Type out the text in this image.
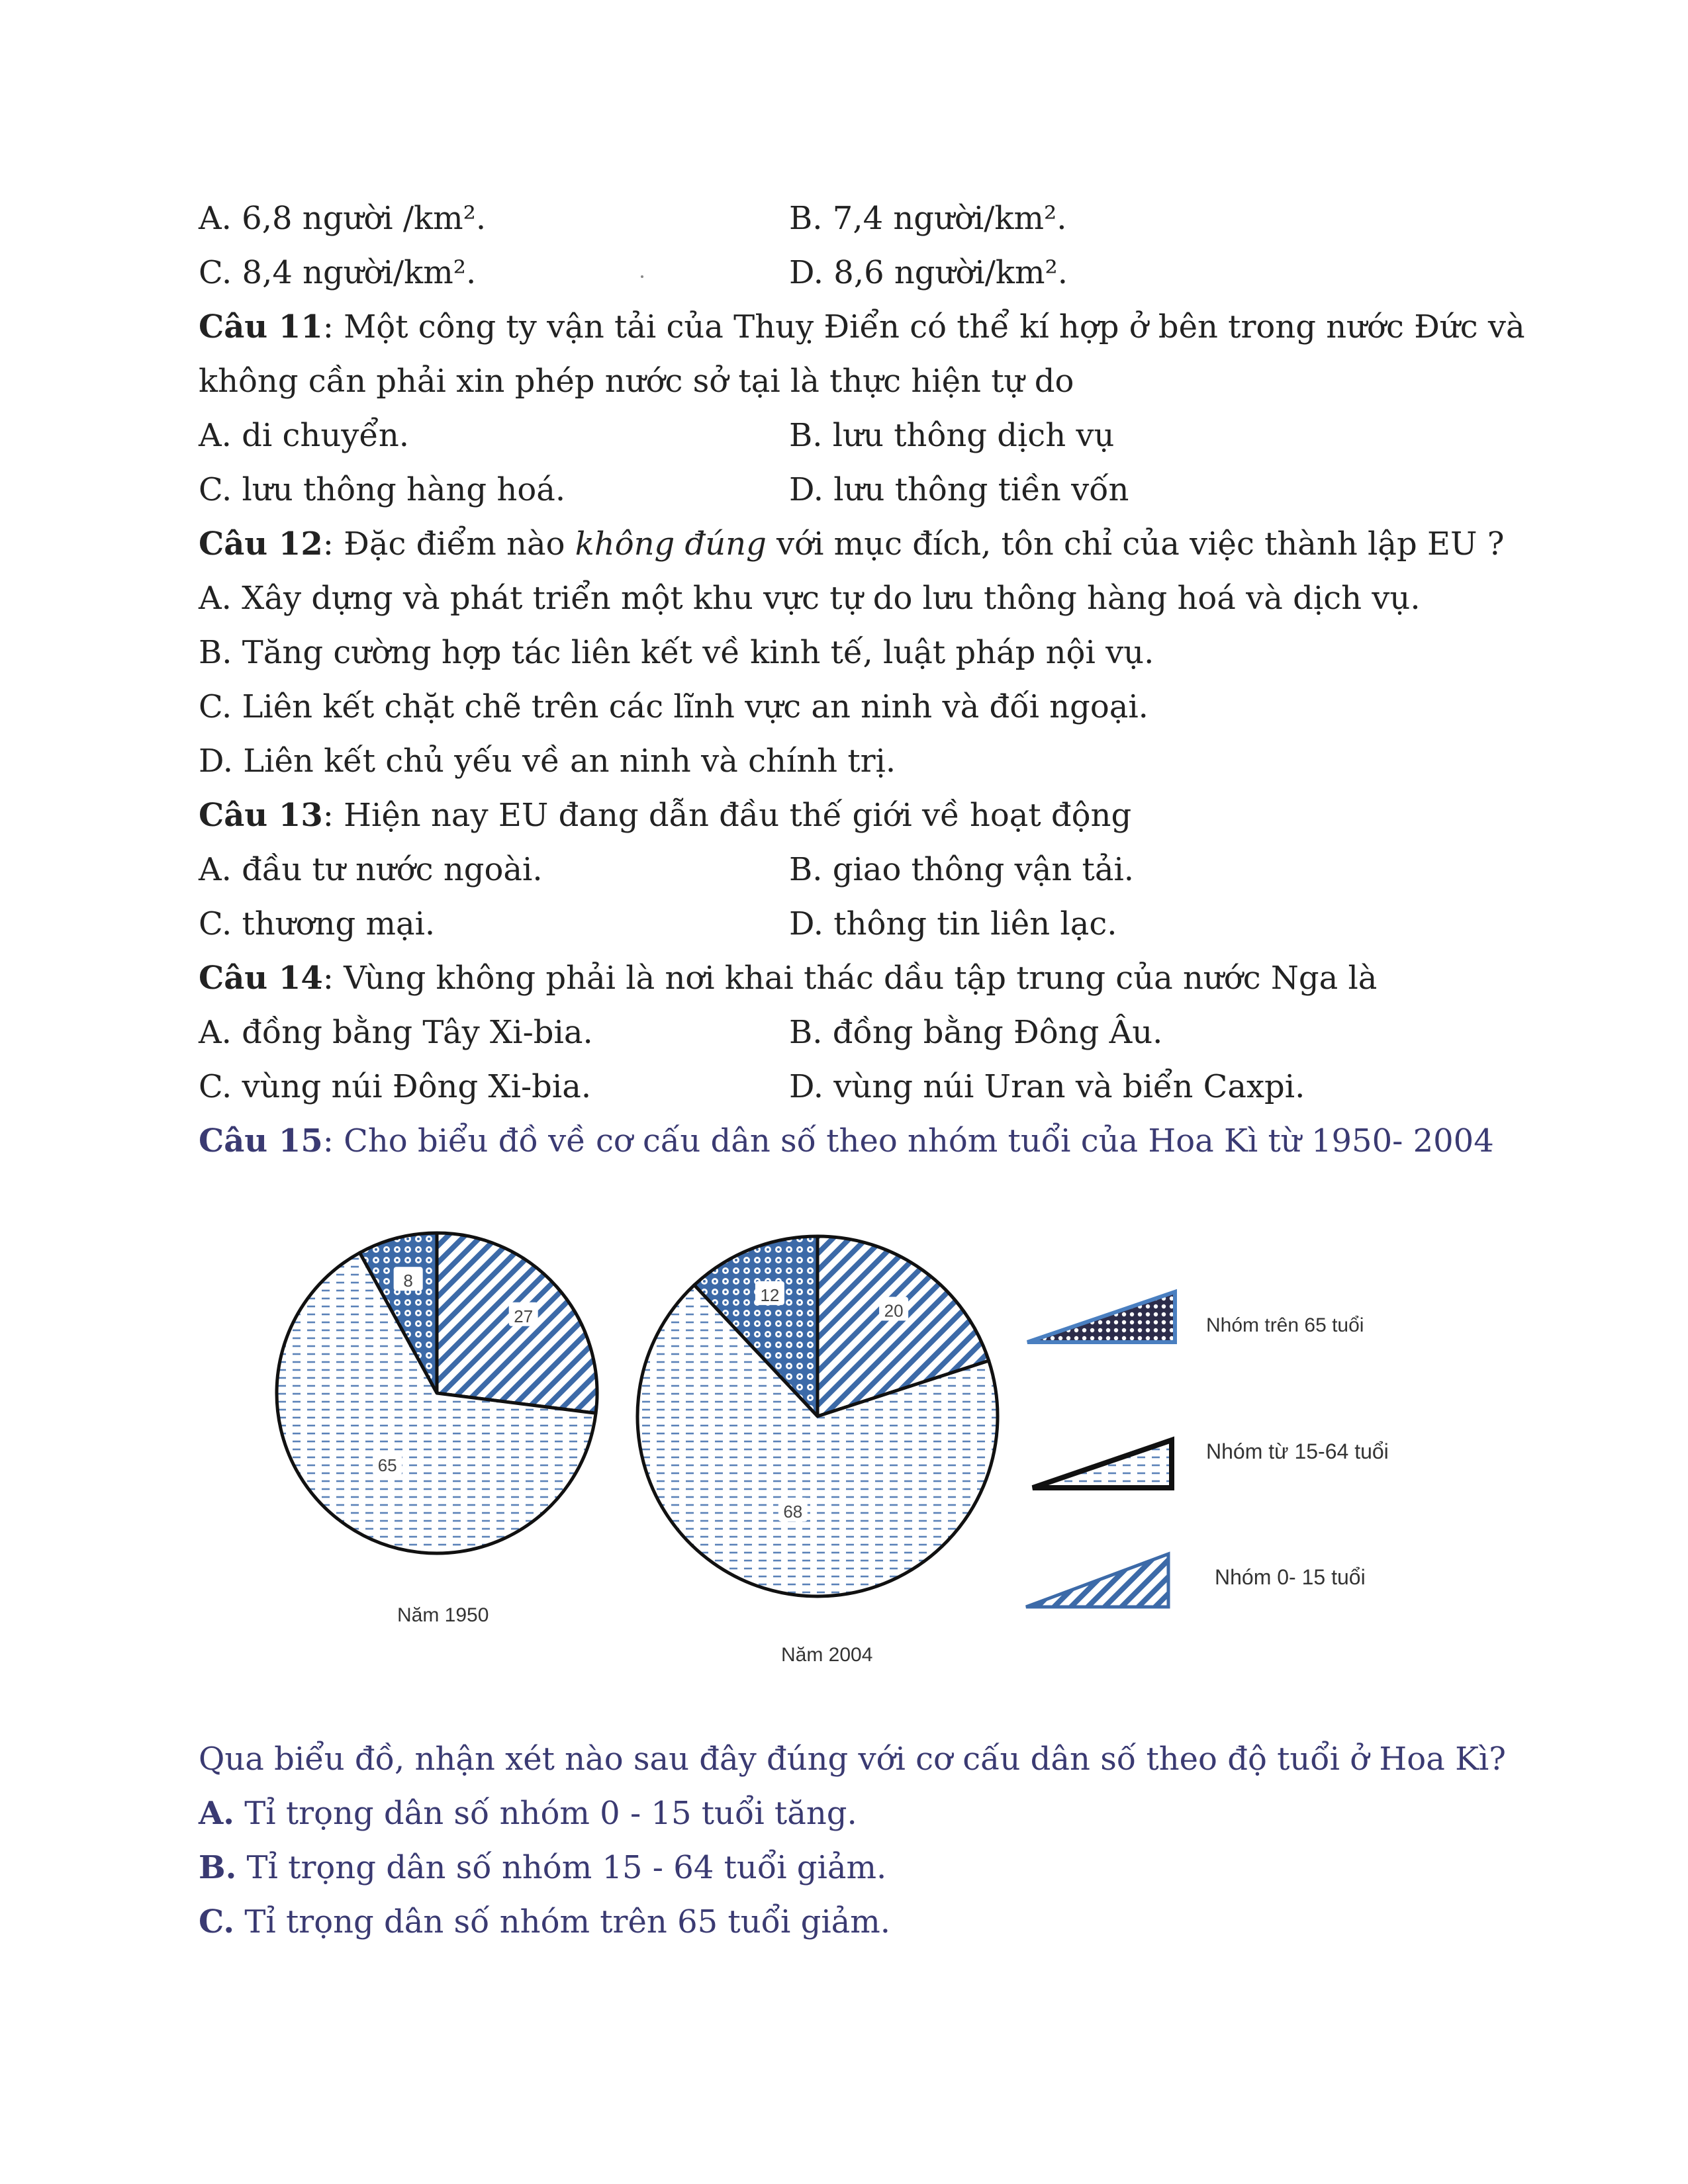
A. 6,8 người /km².	B. 7,4 người/km².
C. 8,4 người/km².	D. 8,6 người/km².
Câu 11: Một công ty vận tải của Thuỵ Điển có thể kí hợp ở bên trong nước Đức và
không cần phải xin phép nước sở tại là thực hiện tự do
A. di chuyển.	B. lưu thông dịch vụ
C. lưu thông hàng hoá.	D. lưu thông tiền vốn
Câu 12: Đặc điểm nào không đúng với mục đích, tôn chỉ của việc thành lập EU ?
A. Xây dựng và phát triển một khu vực tự do lưu thông hàng hoá và dịch vụ.
B. Tăng cường hợp tác liên kết về kinh tế, luật pháp nội vụ.
C. Liên kết chặt chẽ trên các lĩnh vực an ninh và đối ngoại.
D. Liên kết chủ yếu về an ninh và chính trị.
Câu 13: Hiện nay EU đang dẫn đầu thế giới về hoạt động
A. đầu tư nước ngoài.	B. giao thông vận tải.
C. thương mại.	D. thông tin liên lạc.
Câu 14: Vùng không phải là nơi khai thác dầu tập trung của nước Nga là
A. đồng bằng Tây Xi-bia.	B. đồng bằng Đông Âu.
C. vùng núi Đông Xi-bia.	D. vùng núi Uran và biển Caxpi.
Câu 15: Cho biểu đồ về cơ cấu dân số theo nhóm tuổi của Hoa Kì từ 1950- 2004
8
27
65
12
20
68
Năm 1950
Năm 2004
Nhóm trên 65 tuổi
Nhóm từ 15-64 tuổi
Nhóm 0- 15 tuổi
Qua biểu đồ, nhận xét nào sau đây đúng với cơ cấu dân số theo độ tuổi ở Hoa Kì?
A. Tỉ trọng dân số nhóm 0 - 15 tuổi tăng.
B. Tỉ trọng dân số nhóm 15 - 64 tuổi giảm.
C. Tỉ trọng dân số nhóm trên 65 tuổi giảm.
